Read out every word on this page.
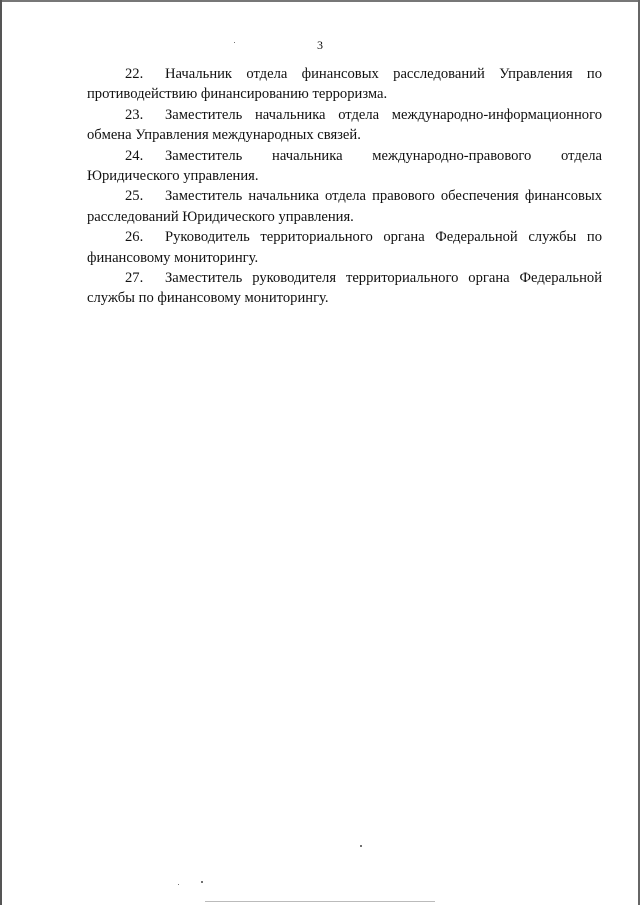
3

22. Начальник отдела финансовых расследований Управления по противодействию финансированию терроризма.

23. Заместитель начальника отдела международно-информационного обмена Управления международных связей.

24. Заместитель начальника международно-правового отдела Юридического управления.

25. Заместитель начальника отдела правового обеспечения финансовых расследований Юридического управления.

26. Руководитель территориального органа Федеральной службы по финансовому мониторингу.

27. Заместитель руководителя территориального органа Федеральной службы по финансовому мониторингу.
